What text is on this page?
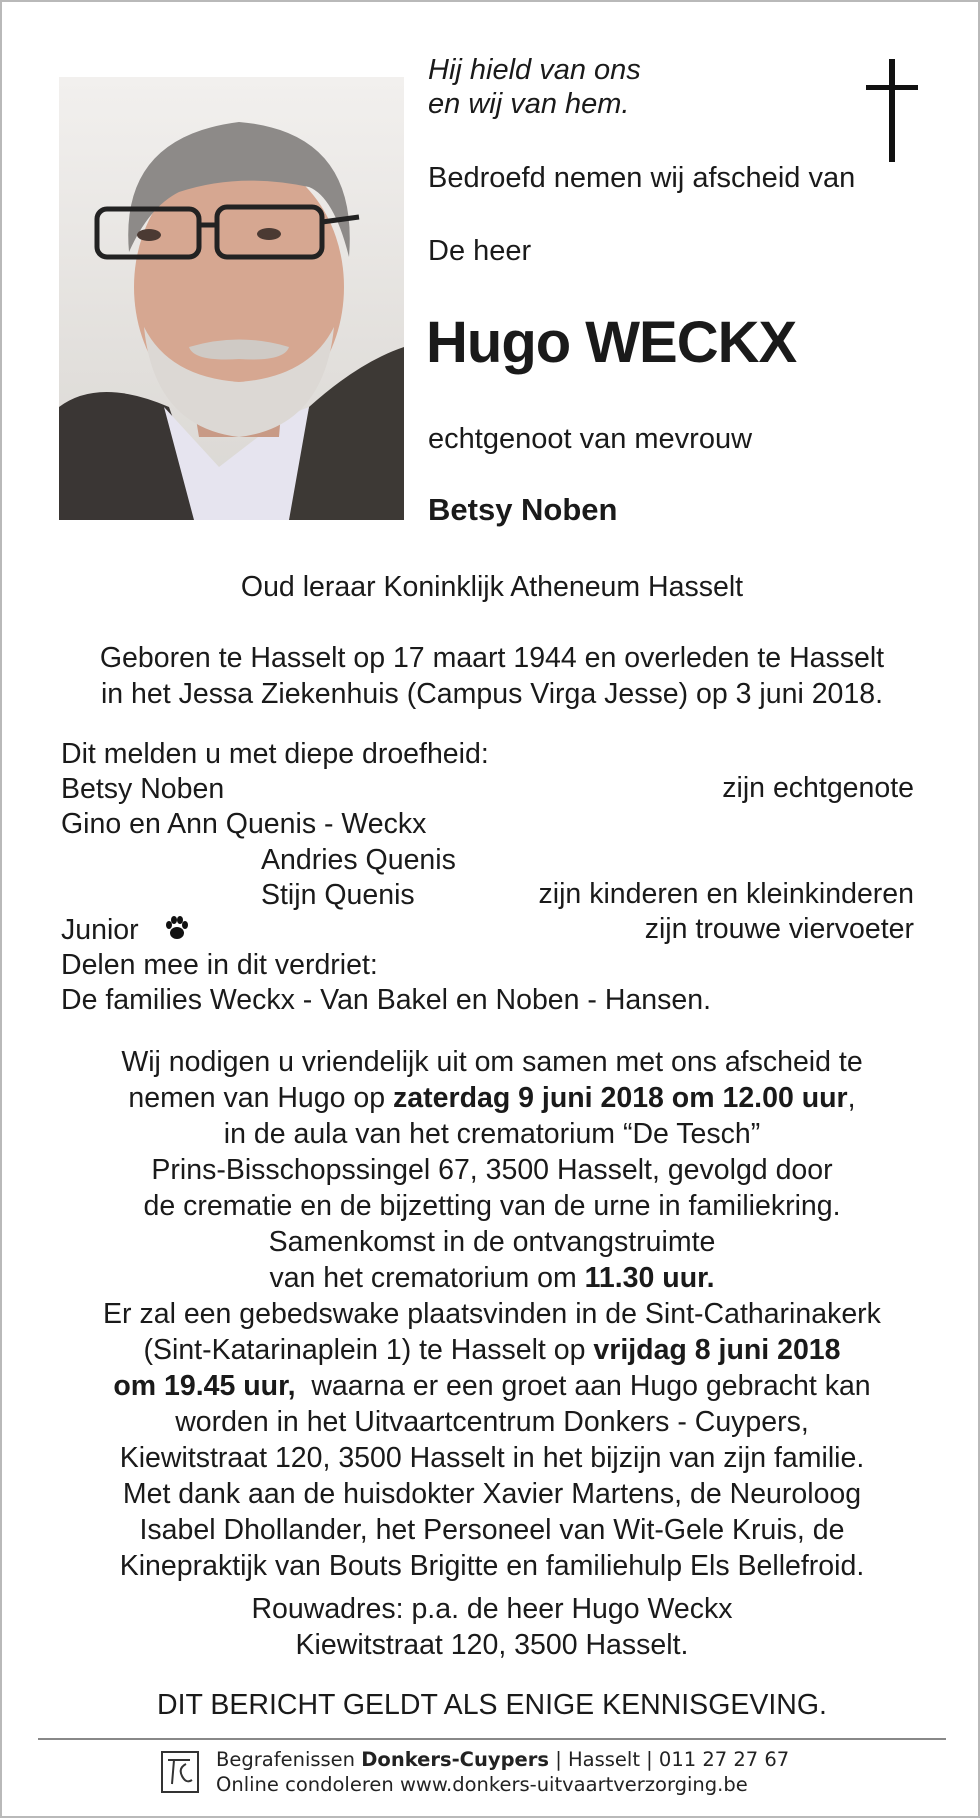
Hij hield van ons
en wij van hem.
Bedroefd nemen wij afscheid van
De heer
Hugo WECKX
echtgenoot van mevrouw
Betsy Noben
Oud leraar Koninklijk Atheneum Hasselt
Geboren te Hasselt op 17 maart 1944 en overleden te Hasselt
in het Jessa Ziekenhuis (Campus Virga Jesse) op 3 juni 2018.
Dit melden u met diepe droefheid:
Betsy Noben	zijn echtgenote
Gino en Ann Quenis - Weckx
Andries Quenis
Stijn Quenis	zijn kinderen en kleinkinderen
Junior	zijn trouwe viervoeter
Delen mee in dit verdriet:
De families Weckx - Van Bakel en Noben - Hansen.
Wij nodigen u vriendelijk uit om samen met ons afscheid te
nemen van Hugo op zaterdag 9 juni 2018 om 12.00 uur,
in de aula van het crematorium “De Tesch”
Prins-Bisschopssingel 67, 3500 Hasselt, gevolgd door
de crematie en de bijzetting van de urne in familiekring.
Samenkomst in de ontvangstruimte
van het crematorium om 11.30 uur.
Er zal een gebedswake plaatsvinden in de Sint-Catharinakerk
(Sint-Katarinaplein 1) te Hasselt op vrijdag 8 juni 2018
om 19.45 uur,  waarna er een groet aan Hugo gebracht kan
worden in het Uitvaartcentrum Donkers - Cuypers,
Kiewitstraat 120, 3500 Hasselt in het bijzijn van zijn familie.
Met dank aan de huisdokter Xavier Martens, de Neuroloog
Isabel Dhollander, het Personeel van Wit-Gele Kruis, de
Kinepraktijk van Bouts Brigitte en familiehulp Els Bellefroid.
Rouwadres: p.a. de heer Hugo Weckx
Kiewitstraat 120, 3500 Hasselt.
DIT BERICHT GELDT ALS ENIGE KENNISGEVING.
Begrafenissen Donkers-Cuypers | Hasselt | 011 27 27 67
Online condoleren www.donkers-uitvaartverzorging.be
